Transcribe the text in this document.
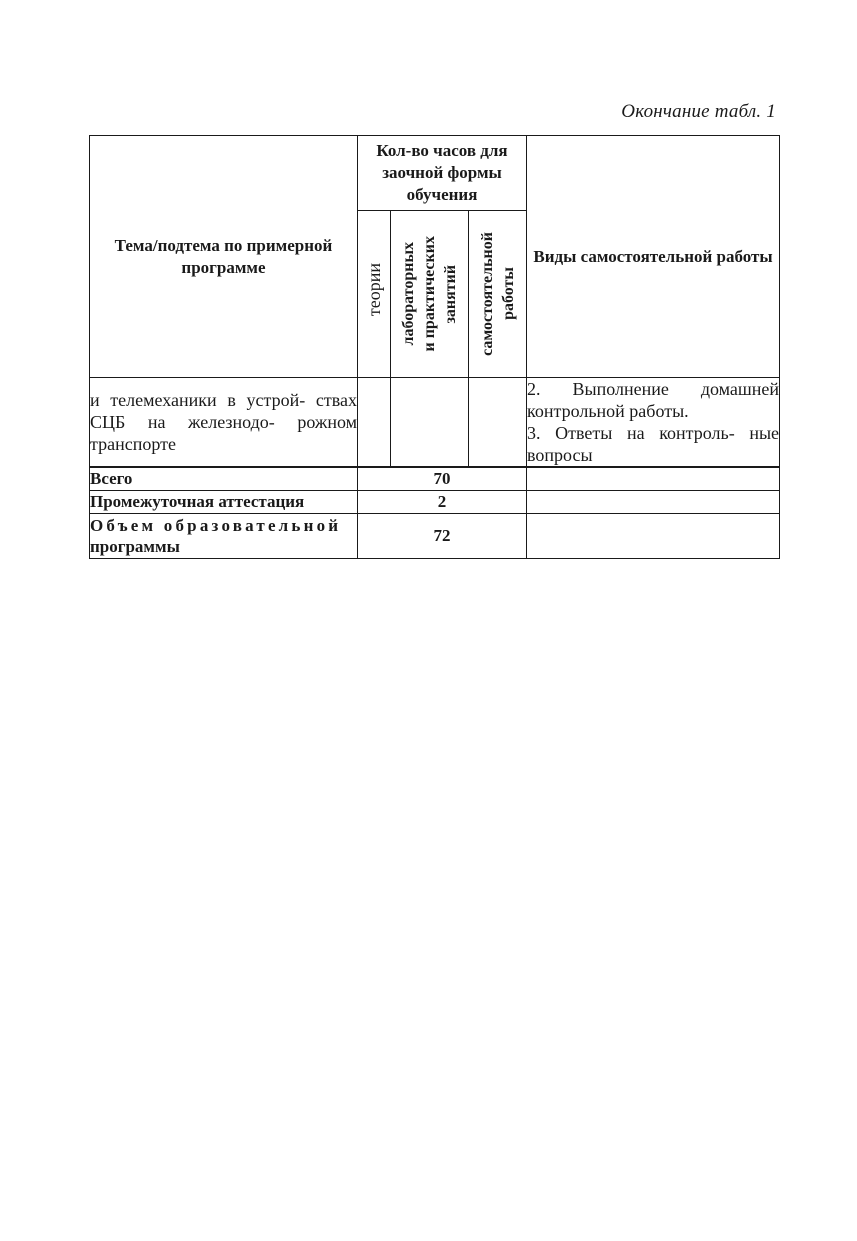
Окончание табл. 1
Тема/подтема по примерной программе	Кол-во часов для заочной формы обучения			Виды самостоятельной работы

	теории	лабораторных и практических занятий	самостоятельной работы	

и телемеханики в устрой- ствах СЦБ на железнодо- рожном транспорте				2. Выполнение домашней контрольной работы.
3. Ответы на контроль- ные вопросы

Всего	70			
Промежуточная аттестация	2			
Объем образовательной
программы	72			
